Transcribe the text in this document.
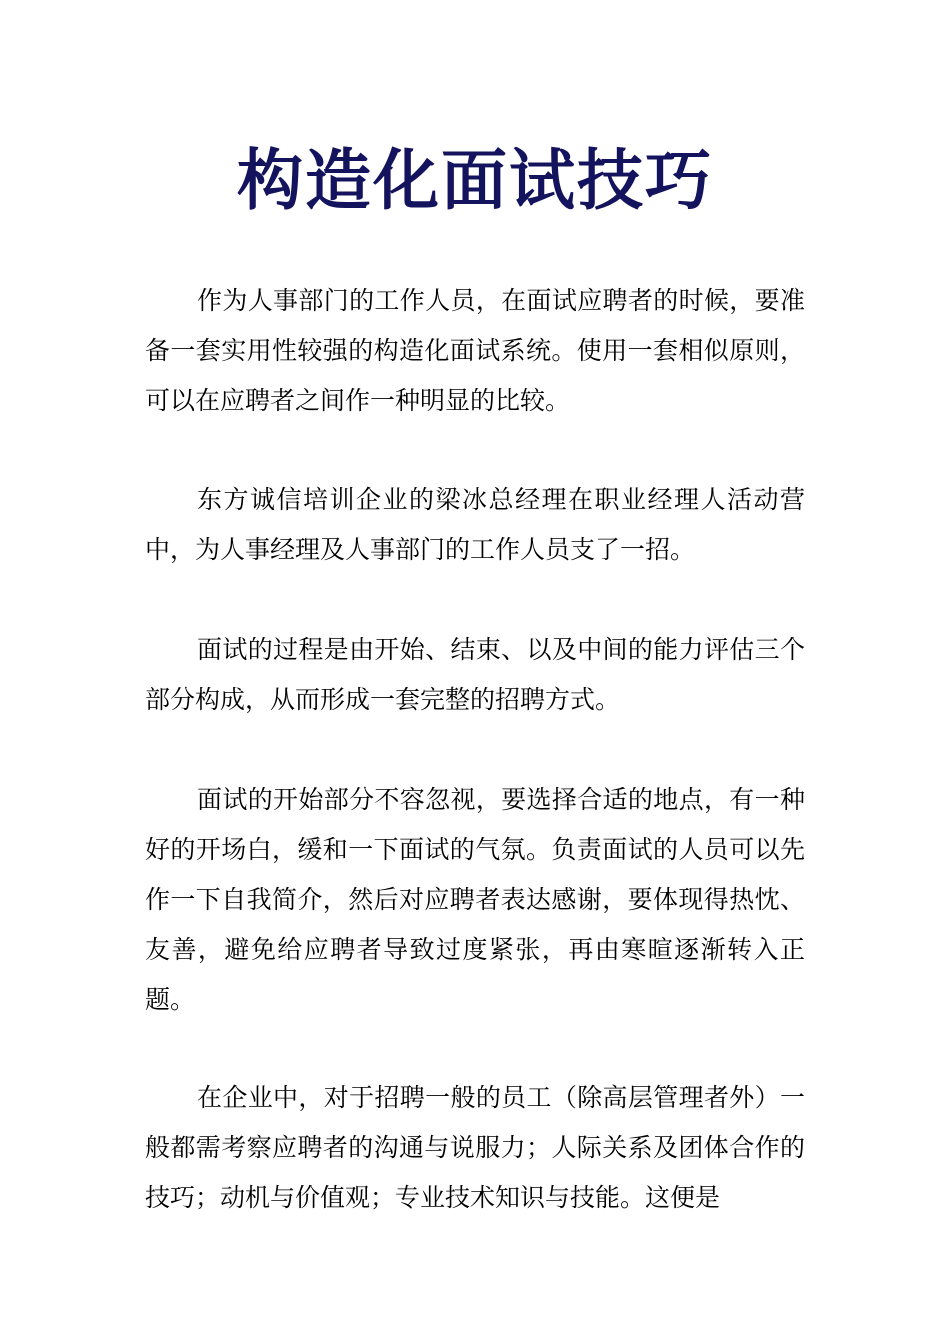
构造化面试技巧

作为人事部门的工作人员，在面试应聘者的时候，要准备一套实用性较强的构造化面试系统。使用一套相似原则，可以在应聘者之间作一种明显的比较。

东方诚信培训企业的梁冰总经理在职业经理人活动营中，为人事经理及人事部门的工作人员支了一招。

面试的过程是由开始、结束、以及中间的能力评估三个部分构成，从而形成一套完整的招聘方式。

面试的开始部分不容忽视，要选择合适的地点，有一种好的开场白，缓和一下面试的气氛。负责面试的人员可以先作一下自我简介，然后对应聘者表达感谢，要体现得热忱、友善，避免给应聘者导致过度紧张，再由寒暄逐渐转入正题。

在企业中，对于招聘一般的员工（除高层管理者外）一般都需考察应聘者的沟通与说服力；人际关系及团体合作的技巧；动机与价值观；专业技术知识与技能。这便是
